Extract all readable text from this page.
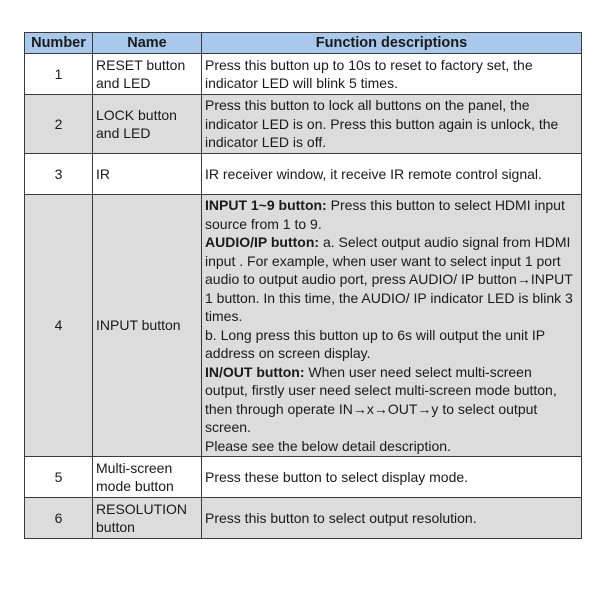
Number	Name	Function descriptions
1	RESET button and LED	Press this button up to 10s to reset to factory set, the indicator LED will blink 5 times.
2	LOCK button and LED	Press this button to lock all buttons on the panel, the indicator LED is on. Press this button again is unlock, the indicator LED is off.
3	IR	IR receiver window, it receive IR remote control signal.
4	INPUT button	INPUT 1~9 button: Press this button to select HDMI input source from 1 to 9.
AUDIO/IP button: a. Select output audio signal from HDMI input . For example, when user want to select input 1 port audio to output audio port, press AUDIO/ IP button→INPUT 1 button. In this time, the AUDIO/ IP indicator LED is blink 3 times.
b. Long press this button up to 6s will output the unit IP address on screen display.
IN/OUT button: When user need select multi-screen output, firstly user need select multi-screen mode button, then through operate IN→x→OUT→y to select output screen.
Please see the below detail description.
5	Multi-screen mode button	Press these button to select display mode.
6	RESOLUTION button	Press this button to select output resolution.
